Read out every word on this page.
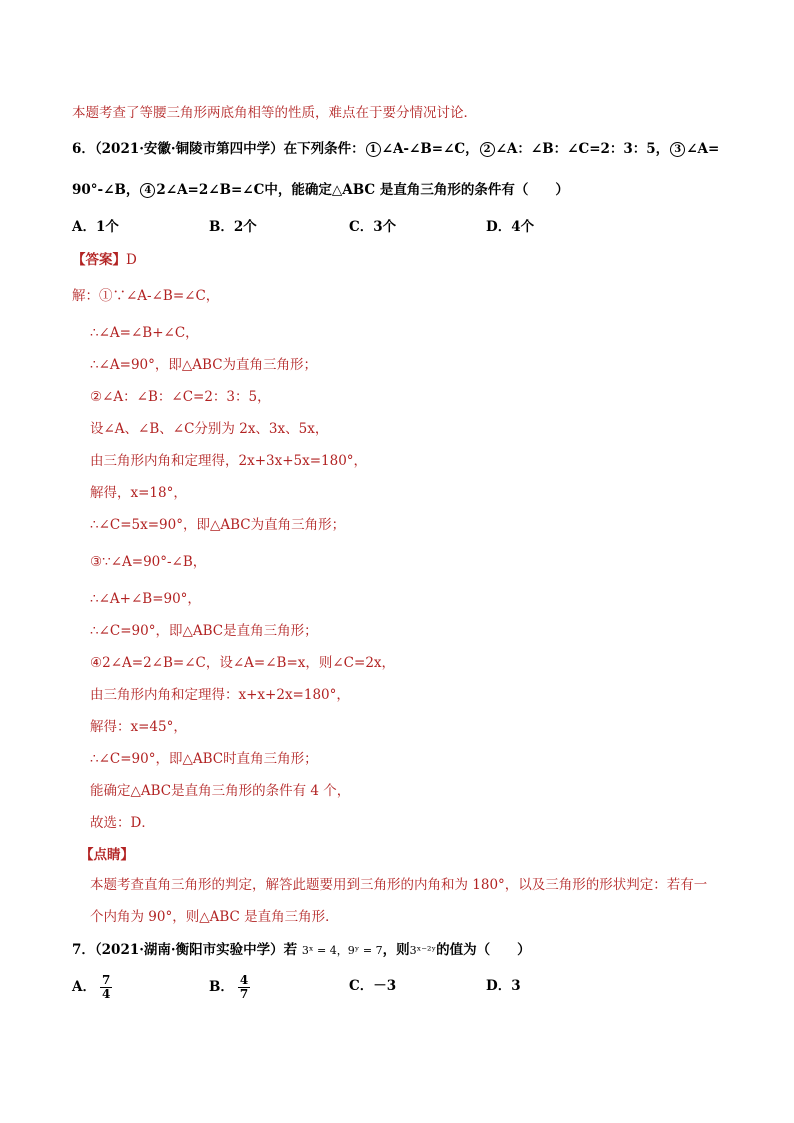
本题考查了等腰三角形两底角相等的性质，难点在于要分情况讨论．
6．（2021·安徽·铜陵市第四中学）在下列条件： 1 ∠A-∠B=∠C， 2 ∠A：∠B：∠C=2：3：5， 3 ∠A=
90°-∠B， 4 2∠A=2∠B=∠C中，能确定△ABC 是直角三角形的条件有（　　）
A．1个	B．2个	C．3个	D．4个
【答案】D
解：①∵∠A-∠B=∠C，
∴∠A=∠B+∠C，
∴∠A=90°，即△ABC为直角三角形；
②∠A：∠B：∠C=2：3：5，
设∠A、∠B、∠C分别为 2x、3x、5x，
由三角形内角和定理得，2x+3x+5x=180°，
解得，x=18°，
∴∠C=5x=90°，即△ABC为直角三角形；
③∵∠A=90°-∠B，
∴∠A+∠B=90°，
∴∠C=90°，即△ABC是直角三角形；
④2∠A=2∠B=∠C，设∠A=∠B=x，则∠C=2x，
由三角形内角和定理得：x+x+2x=180°，
解得：x=45°，
∴∠C=90°，即△ABC时直角三角形；
能确定△ABC是直角三角形的条件有 4 个，
故选：D．
【点睛】
本题考查直角三角形的判定，解答此题要用到三角形的内角和为 180°，以及三角形的形状判定：若有一
个内角为 90°，则△ABC 是直角三角形．
7．（2021·湖南·衡阳市实验中学）若 3ˣ = 4，9ʸ = 7，则3ˣ⁻²ʸ的值为（　　）
A． $\frac{7}{4}$	B． $\frac{4}{7}$	C．－3	D．3
